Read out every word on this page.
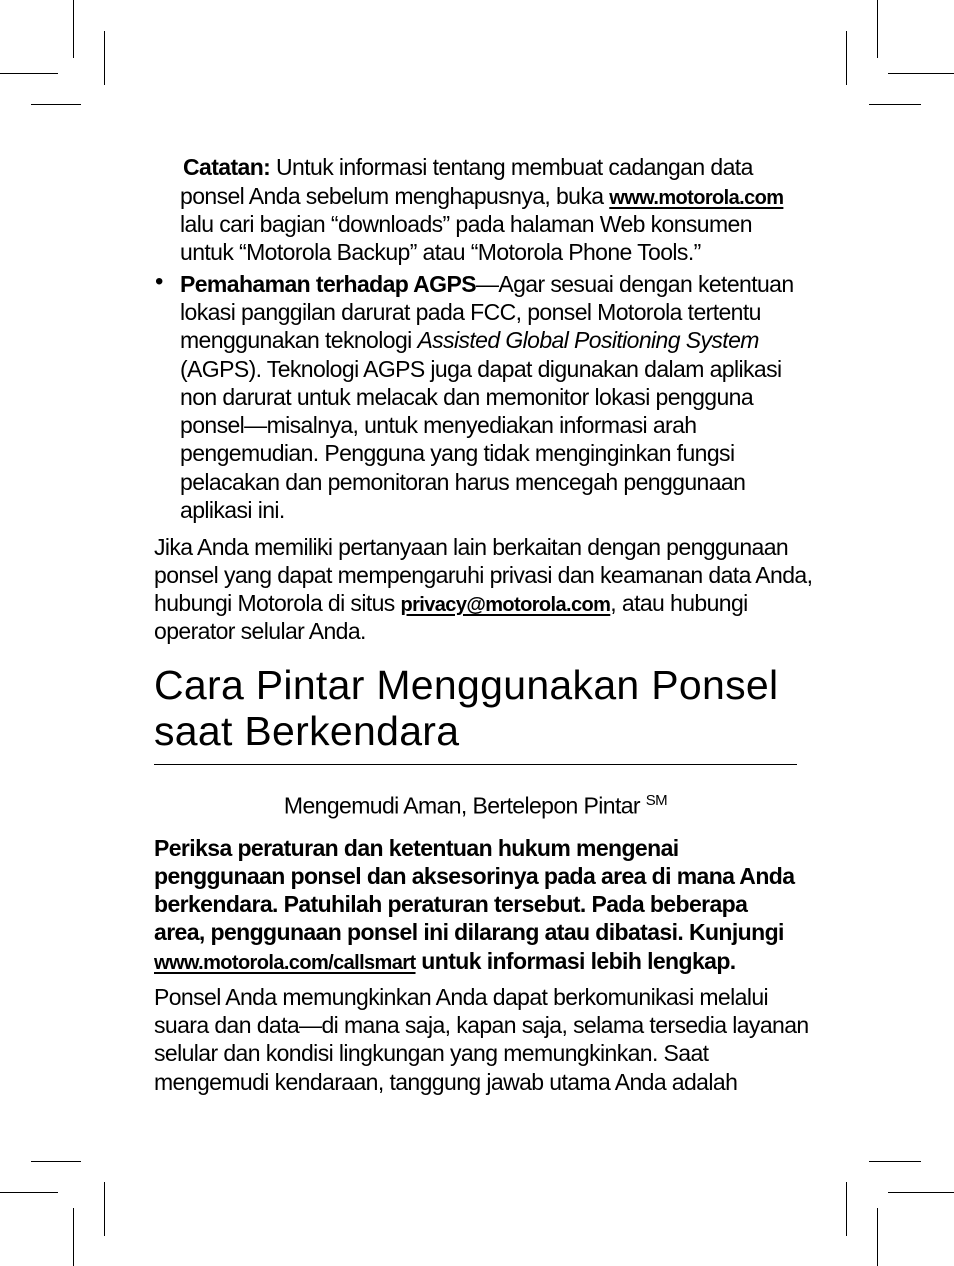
Catatan: Untuk informasi tentang membuat cadangan data
ponsel Anda sebelum menghapusnya, buka www.motorola.com
lalu cari bagian “downloads” pada halaman Web konsumen
untuk “Motorola Backup” atau “Motorola Phone Tools.”
• Pemahaman terhadap AGPS—Agar sesuai dengan ketentuan
lokasi panggilan darurat pada FCC, ponsel Motorola tertentu
menggunakan teknologi Assisted Global Positioning System
(AGPS). Teknologi AGPS juga dapat digunakan dalam aplikasi
non darurat untuk melacak dan memonitor lokasi pengguna
ponsel—misalnya, untuk menyediakan informasi arah
pengemudian. Pengguna yang tidak menginginkan fungsi
pelacakan dan pemonitoran harus mencegah penggunaan
aplikasi ini.
Jika Anda memiliki pertanyaan lain berkaitan dengan penggunaan
ponsel yang dapat mempengaruhi privasi dan keamanan data Anda,
hubungi Motorola di situs privacy@motorola.com, atau hubungi
operator selular Anda.
Cara Pintar Menggunakan Ponsel
saat Berkendara
Mengemudi Aman, Bertelepon Pintar ℠
Periksa peraturan dan ketentuan hukum mengenai
penggunaan ponsel dan aksesorinya pada area di mana Anda
berkendara. Patuhilah peraturan tersebut. Pada beberapa
area, penggunaan ponsel ini dilarang atau dibatasi. Kunjungi
www.motorola.com/callsmart untuk informasi lebih lengkap.
Ponsel Anda memungkinkan Anda dapat berkomunikasi melalui
suara dan data—di mana saja, kapan saja, selama tersedia layanan
selular dan kondisi lingkungan yang memungkinkan. Saat
mengemudi kendaraan, tanggung jawab utama Anda adalah
